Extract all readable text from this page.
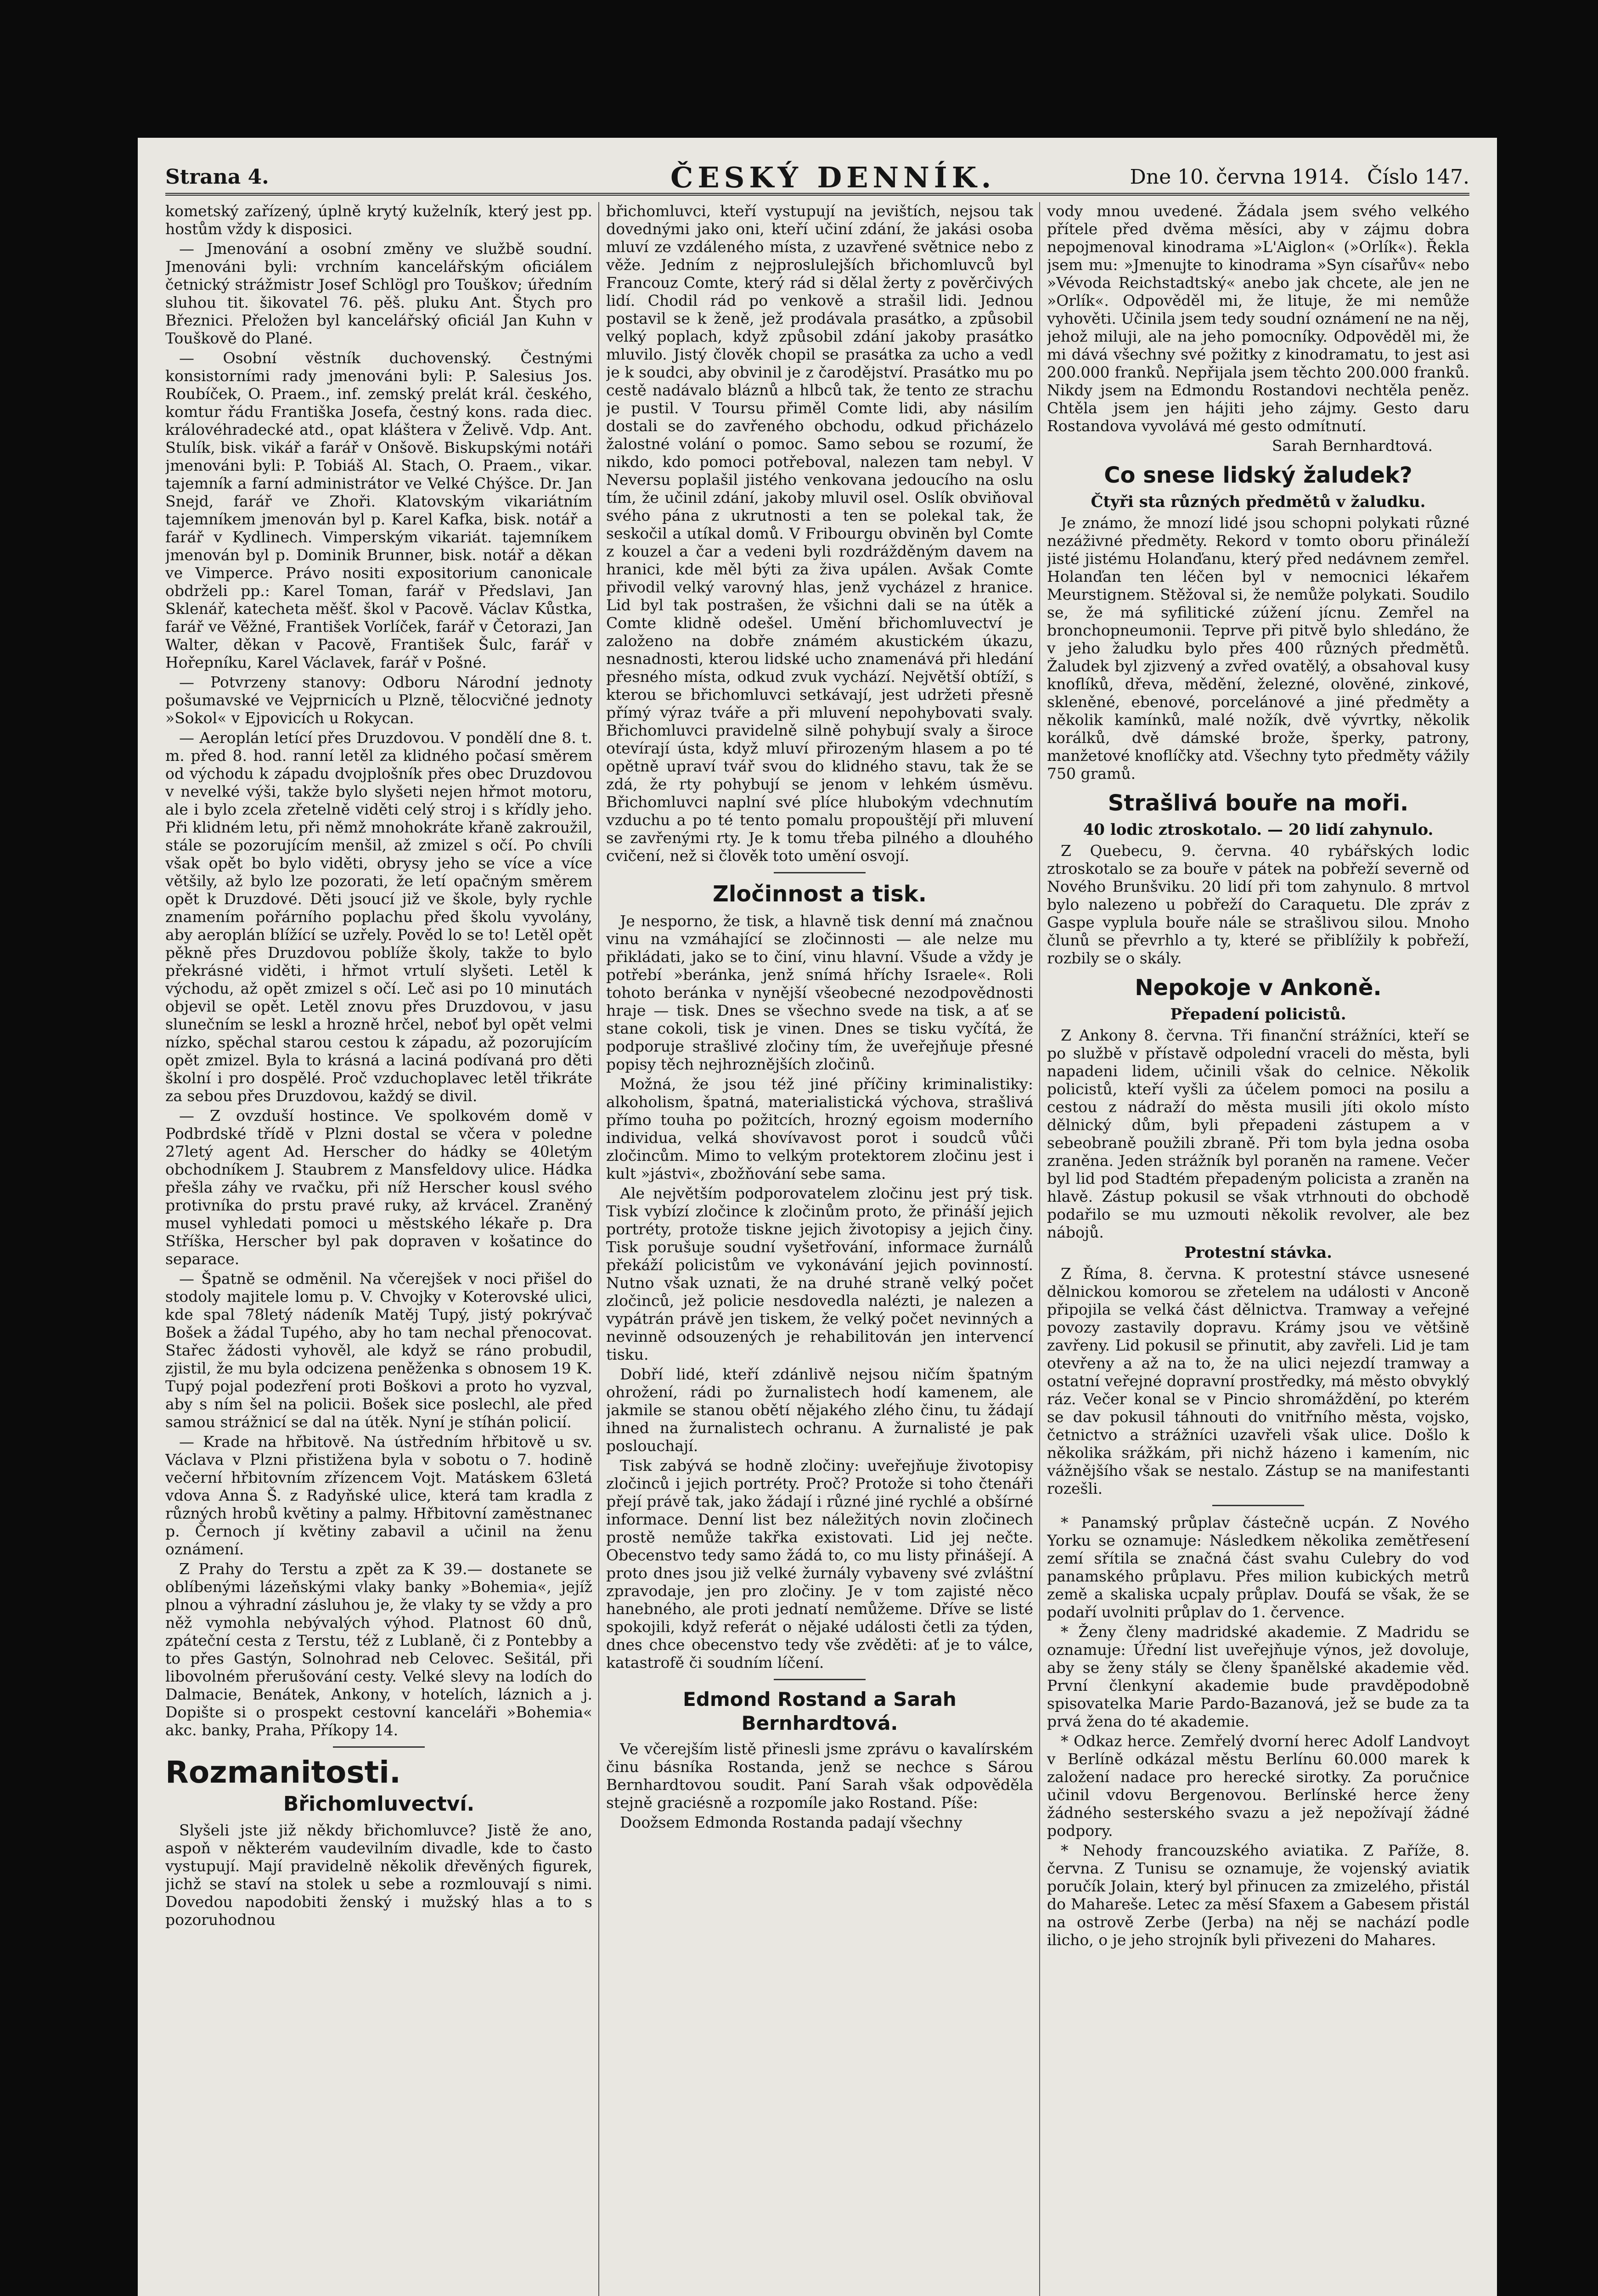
Strana 4.	ČESKÝ DENNÍK.	Dne 10. června 1914. Číslo 147.

kometský zařízený, úplně krytý kuželník, který jest pp. hostům vždy k disposici.

— Jmenování a osobní změny ve službě soudní. Jmenováni byli: vrchním kancelářským oficiálem četnický strážmistr Josef Schlögl pro Touškov; úředním sluhou tit. šikovatel 76. pěš. pluku Ant. Štych pro Březnici. Přeložen byl kancelářský oficiál Jan Kuhn v Touškově do Plané.

— Osobní věstník duchovenský. Čestnými konsistorními rady jmenováni byli: P. Salesius Jos. Roubíček, O. Praem., inf. zemský prelát král. českého, komtur řádu Františka Josefa, čestný kons. rada diec. královéhradecké atd., opat kláštera v Želivě. Vdp. Ant. Stulík, bisk. vikář a farář v Onšově. Biskupskými notáři jmenováni byli: P. Tobiáš Al. Stach, O. Praem., vikar. tajemník a farní administrátor ve Velké Chýšce. Dr. Jan Snejd, farář ve Zhoři. Klatovským vikariátním tajemníkem jmenován byl p. Karel Kafka, bisk. notář a farář v Kydlinech. Vimperským vikariát. tajemníkem jmenován byl p. Dominik Brunner, bisk. notář a děkan ve Vimperce. Právo nositi expositorium canonicale obdrželi pp.: Karel Toman, farář v Předslavi, Jan Sklenář, katecheta měšť. škol v Pacově. Václav Kůstka, farář ve Věžné, František Vorlíček, farář v Četorazi, Jan Walter, děkan v Pacově, František Šulc, farář v Hořepníku, Karel Václavek, farář v Pošné.

— Potvrzeny stanovy: Odboru Národní jednoty pošumavské ve Vejprnicích u Plzně, tělocvičné jednoty »Sokol« v Ejpovicích u Rokycan.

— Aeroplán letící přes Druzdovou. V pondělí dne 8. t. m. před 8. hod. ranní letěl za klidného počasí směrem od východu k západu dvojplošník přes obec Druzdovou v nevelké výši, takže bylo slyšeti nejen hřmot motoru, ale i bylo zcela zřetelně viděti celý stroj i s křídly jeho. Při klidném letu, při němž mnohokráte křaně zakroužil, stále se pozorujícím menšil, až zmizel s očí. Po chvíli však opět bo bylo viděti, obrysy jeho se více a více většily, až bylo lze pozorati, že letí opačným směrem opět k Druzdové. Děti jsoucí již ve škole, byly rychle znamením pořárního poplachu před školu vyvolány, aby aeroplán blížící se uzřely. Pověd lo se to! Letěl opět pěkně přes Druzdovou poblíže školy, takže to bylo překrásné viděti, i hřmot vrtulí slyšeti. Letěl k východu, až opět zmizel s očí. Leč asi po 10 minutách objevil se opět. Letěl znovu přes Druzdovou, v jasu slunečním se leskl a hrozně hrčel, neboť byl opět velmi nízko, spěchal starou cestou k západu, až pozorujícím opět zmizel. Byla to krásná a laciná podívaná pro děti školní i pro dospělé. Proč vzduchoplavec letěl třikráte za sebou přes Druzdovou, každý se divil.

— Z ovzduší hostince. Ve spolkovém domě v Podbrdské třídě v Plzni dostal se včera v poledne 27letý agent Ad. Herscher do hádky se 40letým obchodníkem J. Staubrem z Mansfeldovy ulice. Hádka přešla záhy ve rvačku, při níž Herscher kousl svého protivníka do prstu pravé ruky, až krvácel. Zraněný musel vyhledati pomoci u městského lékaře p. Dra Stříška, Herscher byl pak dopraven v košatince do separace.

— Špatně se odměnil. Na včerejšek v noci přišel do stodoly majitele lomu p. V. Chvojky v Koterovské ulici, kde spal 78letý nádeník Matěj Tupý, jistý pokrývač Bošek a žádal Tupého, aby ho tam nechal přenocovat. Stařec žádosti vyhověl, ale když se ráno probudil, zjistil, že mu byla odcizena peněženka s obnosem 19 K. Tupý pojal podezření proti Boškovi a proto ho vyzval, aby s ním šel na policii. Bošek sice poslechl, ale před samou strážnicí se dal na útěk. Nyní je stíhán policií.

— Krade na hřbitově. Na ústředním hřbitově u sv. Václava v Plzni přistižena byla v sobotu o 7. hodině večerní hřbitovním zřízencem Vojt. Matáskem 63letá vdova Anna Š. z Radyňské ulice, která tam kradla z různých hrobů květiny a palmy. Hřbitovní zaměstnanec p. Černoch jí květiny zabavil a učinil na ženu oznámení.

Z Prahy do Terstu a zpět za K 39.— dostanete se oblíbenými lázeňskými vlaky banky »Bohemia«, jejíž plnou a výhradní zásluhou je, že vlaky ty se vždy a pro něž vymohla nebývalých výhod. Platnost 60 dnů, zpáteční cesta z Terstu, též z Lublaně, či z Pontebby a to přes Gastýn, Solnohrad neb Celovec. Sešitál, při libovolném přerušování cesty. Velké slevy na lodích do Dalmacie, Benátek, Ankony, v hotelích, láznich a j. Dopište si o prospekt cestovní kanceláři »Bohemia« akc. banky, Praha, Příkopy 14.

Rozmanitosti.
Břichomluvectví.

Slyšeli jste již někdy břichomluvce? Jistě že ano, aspoň v některém vaudevilním divadle, kde to často vystupují. Mají pravidelně několik dřevěných figurek, jichž se staví na stolek u sebe a rozmlouvají s nimi. Dovedou napodobiti ženský i mužský hlas a to s pozoruhodnou

břichomluvci, kteří vystupují na jevištích, nejsou tak dovednými jako oni, kteří učiní zdání, že jakási osoba mluví ze vzdáleného místa, z uzavřené světnice nebo z věže. Jedním z nejproslulejších břichomluvců byl Francouz Comte, který rád si dělal žerty z pověrčivých lidí. Chodil rád po venkově a strašil lidi. Jednou postavil se k ženě, jež prodávala prasátko, a způsobil velký poplach, když způsobil zdání jakoby prasátko mluvilo. Jistý člověk chopil se prasátka za ucho a vedl je k soudci, aby obvinil je z čarodějství. Prasátko mu po cestě nadávalo bláznů a hlbců tak, že tento ze strachu je pustil. V Toursu přiměl Comte lidi, aby násilím dostali se do zavřeného obchodu, odkud přicházelo žalostné volání o pomoc. Samo sebou se rozumí, že nikdo, kdo pomoci potřeboval, nalezen tam nebyl. V Neversu poplašil jistého venkovana jedoucího na oslu tím, že učinil zdání, jakoby mluvil osel. Oslík obviňoval svého pána z ukrutnosti a ten se polekal tak, že seskočil a utíkal domů. V Fribourgu obviněn byl Comte z kouzel a čar a vedeni byli rozdrážděným davem na hranici, kde měl býti za živa upálen. Avšak Comte přivodil velký varovný hlas, jenž vycházel z hranice. Lid byl tak postrašen, že všichni dali se na útěk a Comte klidně odešel. Umění břichomluvectví je založeno na dobře známém akustickém úkazu, nesnadnosti, kterou lidské ucho znamenává při hledání přesného místa, odkud zvuk vychází. Největší obtíží, s kterou se břichomluvci setkávají, jest udržeti přesně přímý výraz tváře a při mluvení nepohybovati svaly. Břichomluvci pravidelně silně pohybují svaly a široce otevírají ústa, když mluví přirozeným hlasem a po té opětně upraví tvář svou do klidného stavu, tak že se zdá, že rty pohybují se jenom v lehkém úsměvu. Břichomluvci naplní své plíce hlubokým vdechnutím vzduchu a po té tento pomalu propouštějí při mluvení se zavřenými rty. Je k tomu třeba pilného a dlouhého cvičení, než si člověk toto umění osvojí.

Zločinnost a tisk.

Je nesporno, že tisk, a hlavně tisk denní má značnou vinu na vzmáhající se zločinnosti — ale nelze mu přikládati, jako se to činí, vinu hlavní. Všude a vždy je potřebí »beránka, jenž snímá hříchy Israele«. Roli tohoto beránka v nynější všeobecné nezodpovědnosti hraje — tisk. Dnes se všechno svede na tisk, a ať se stane cokoli, tisk je vinen. Dnes se tisku vyčítá, že podporuje strašlivé zločiny tím, že uveřejňuje přesné popisy těch nejhroznějších zločinů.

Možná, že jsou též jiné příčiny kriminalistiky: alkoholism, špatná, materialistická výchova, strašlivá přímo touha po požitcích, hrozný egoism moderního individua, velká shovívavost porot i soudců vůči zločincům. Mimo to velkým protektorem zločinu jest i kult »jástvi«, zbožňování sebe sama.

Ale největším podporovatelem zločinu jest prý tisk. Tisk vybízí zločince k zločinům proto, že přináší jejich portréty, protože tiskne jejich životopisy a jejich činy. Tisk porušuje soudní vyšetřování, informace žurnálů překáží policistům ve vykonávání jejich povinností. Nutno však uznati, že na druhé straně velký počet zločinců, jež policie nesdovedla nalézti, je nalezen a vypátrán právě jen tiskem, že velký počet nevinných a nevinně odsouzených je rehabilitován jen intervencí tisku.

Dobří lidé, kteří zdánlivě nejsou ničím špatným ohrožení, rádi po žurnalistech hodí kamenem, ale jakmile se stanou obětí nějakého zlého činu, tu žádají ihned na žurnalistech ochranu. A žurnalisté je pak poslouchají.

Tisk zabývá se hodně zločiny: uveřejňuje životopisy zločinců i jejich portréty. Proč? Protože si toho čtenáři přejí právě tak, jako žádají i různé jiné rychlé a obšírné informace. Denní list bez náležitých novin zločinech prostě nemůže takřka existovati. Lid jej nečte. Obecenstvo tedy samo žádá to, co mu listy přinášejí. A proto dnes jsou již velké žurnály vybaveny své zvláštní zpravodaje, jen pro zločiny. Je v tom zajisté něco hanebného, ale proti jednatí nemůžeme. Dříve se listé spokojili, když referát o nějaké události četli za týden, dnes chce obecenstvo tedy vše zvěděti: ať je to válce, katastrofě či soudním líčení.

Edmond Rostand a Sarah Bernhardtová.

Ve včerejším listě přinesli jsme zprávu o kavalírském činu básníka Rostanda, jenž se nechce s Sárou Bernhardtovou soudit. Paní Sarah však odpověděla stejně graciésně a rozpomíle jako Rostand. Píše:

Doožsem Edmonda Rostanda padají všechny

vody mnou uvedené. Žádala jsem svého velkého přítele před dvěma měsíci, aby v zájmu dobra nepojmenoval kinodrama »L'Aiglon« (»Orlík«). Řekla jsem mu: »Jmenujte to kinodrama »Syn císařův« nebo »Vévoda Reichstadtský« anebo jak chcete, ale jen ne »Orlík«. Odpověděl mi, že lituje, že mi nemůže vyhověti. Učinila jsem tedy soudní oznámení ne na něj, jehož miluji, ale na jeho pomocníky. Odpověděl mi, že mi dává všechny své požitky z kinodramatu, to jest asi 200.000 franků. Nepřijala jsem těchto 200.000 franků. Nikdy jsem na Edmondu Rostandovi nechtěla peněz. Chtěla jsem jen hájiti jeho zájmy. Gesto daru Rostandova vyvolává mé gesto odmítnutí.

Sarah Bernhardtová.
Co snese lidský žaludek?
Čtyři sta různých předmětů v žaludku.

Je známo, že mnozí lidé jsou schopni polykati různé nezáživné předměty. Rekord v tomto oboru přináleží jisté jistému Holanďanu, který před nedávnem zemřel. Holanďan ten léčen byl v nemocnici lékařem Meurstignem. Stěžoval si, že nemůže polykati. Soudilo se, že má syfilitické zúžení jícnu. Zemřel na bronchopneumonii. Teprve při pitvě bylo shledáno, že v jeho žaludku bylo přes 400 různých předmětů. Žaludek byl zjizvený a zvřed ovatělý, a obsahoval kusy knoflíků, dřeva, mědění, železné, olověné, zinkové, skleněné, ebenové, porcelánové a jiné předměty a několik kamínků, malé nožík, dvě vývrtky, několik korálků, dvě dámské brože, šperky, patrony, manžetové knoflíčky atd. Všechny tyto předměty vážily 750 gramů.

Strašlivá bouře na moři.
40 lodic ztroskotalo. — 20 lidí zahynulo.

Z Quebecu, 9. června. 40 rybářských lodic ztroskotalo se za bouře v pátek na pobřeží severně od Nového Brunšviku. 20 lidí při tom zahynulo. 8 mrtvol bylo nalezeno u pobřeží do Caraquetu. Dle zpráv z Gaspe vyplula bouře nále se strašlivou silou. Mnoho člunů se převrhlo a ty, které se přiblížily k pobřeží, rozbily se o skály.

Nepokoje v Ankoně.
Přepadení policistů.

Z Ankony 8. června. Tři finanční strážníci, kteří se po službě v přístavě odpolední vraceli do města, byli napadeni lidem, učinili však do celnice. Několik policistů, kteří vyšli za účelem pomoci na posilu a cestou z nádraží do města musili jíti okolo místo dělnický dům, byli přepadeni zástupem a v sebeobraně použili zbraně. Při tom byla jedna osoba zraněna. Jeden strážník byl poraněn na ramene. Večer byl lid pod Stadtém přepadeným policista a zraněn na hlavě. Zástup pokusil se však vtrhnouti do obchodě podařilo se mu uzmouti několik revolver, ale bez nábojů.

Protestní stávka.

Z Říma, 8. června. K protestní stávce usnesené dělnickou komorou se zřetelem na události v Anconě připojila se velká část dělnictva. Tramway a veřejné povozy zastavily dopravu. Krámy jsou ve většině zavřeny. Lid pokusil se přinutit, aby zavřeli. Lid je tam otevřeny a až na to, že na ulici nejezdí tramway a ostatní veřejné dopravní prostředky, má město obvyklý ráz. Večer konal se v Pincio shromáždění, po kterém se dav pokusil táhnouti do vnitřního města, vojsko, četnictvo a strážníci uzavřeli však ulice. Došlo k několika srážkám, při nichž házeno i kamením, nic vážnějšího však se nestalo. Zástup se na manifestanti rozešli.

* Panamský průplav částečně ucpán. Z Nového Yorku se oznamuje: Následkem několika zemětřesení zemí sřítila se značná část svahu Culebry do vod panamského průplavu. Přes milion kubických metrů země a skaliska ucpaly průplav. Doufá se však, že se podaří uvolniti průplav do 1. července.

* Ženy členy madridské akademie. Z Madridu se oznamuje: Úřední list uveřejňuje výnos, jež dovoluje, aby se ženy stály se členy španělské akademie věd. První členkyní akademie bude pravděpodobně spisovatelka Marie Pardo-Bazanová, jež se bude za ta prvá žena do té akademie.

* Odkaz herce. Zemřelý dvorní herec Adolf Landvoyt v Berlíně odkázal městu Berlínu 60.000 marek k založení nadace pro herecké sirotky. Za poručnice učinil vdovu Bergenovou. Berlínské herce ženy žádného sesterského svazu a jež nepožívají žádné podpory.

* Nehody francouzského aviatika. Z Paříže, 8. června. Z Tunisu se oznamuje, že vojenský aviatik poručík Jolain, který byl přinucen za zmizelého, přistál do Mahareše. Letec za měsí Sfaxem a Gabesem přistál na ostrově Zerbe (Jerba) na něj se nachází podle ilicho, o je jeho strojník byli přivezeni do Mahares.
